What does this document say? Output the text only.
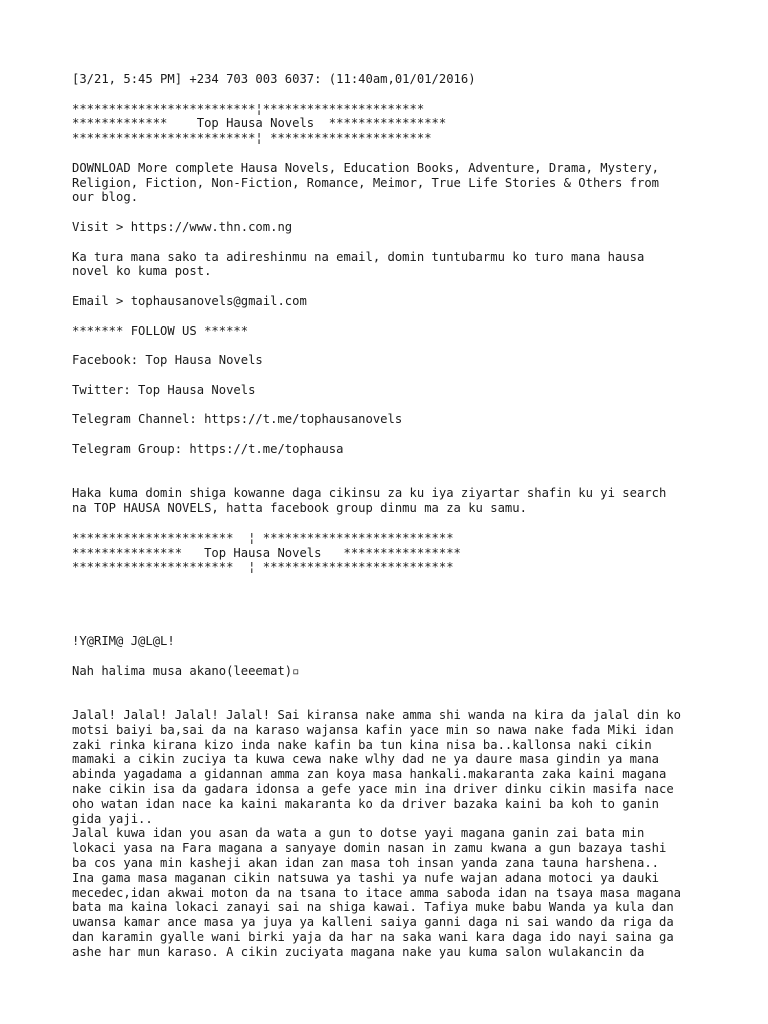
[3/21, 5:45 PM] +234 703 003 6037: (11:40am,01/01/2016)
*************************¦**********************
*************    Top Hausa Novels  ****************
*************************¦ **********************
DOWNLOAD More complete Hausa Novels, Education Books, Adventure, Drama, Mystery,
Religion, Fiction, Non-Fiction, Romance, Meimor, True Life Stories & Others from
our blog.
Visit > https://www.thn.com.ng
Ka tura mana sako ta adireshinmu na email, domin tuntubarmu ko turo mana hausa
novel ko kuma post.
Email > tophausanovels@gmail.com
******* FOLLOW US ******
Facebook: Top Hausa Novels
Twitter: Top Hausa Novels
Telegram Channel: https://t.me/tophausanovels
Telegram Group: https://t.me/tophausa
Haka kuma domin shiga kowanne daga cikinsu za ku iya ziyartar shafin ku yi search
na TOP HAUSA NOVELS, hatta facebook group dinmu ma za ku samu.
**********************  ¦ **************************
***************   Top Hausa Novels   ****************
**********************  ¦ **************************
!Y@RIM@ J@L@L!
Nah halima musa akano(leeemat)▫
Jalal! Jalal! Jalal! Jalal! Sai kiransa nake amma shi wanda na kira da jalal din ko
motsi baiyi ba,sai da na karaso wajansa kafin yace min so nawa nake fada Miki idan
zaki rinka kirana kizo inda nake kafin ba tun kina nisa ba..kallonsa naki cikin
mamaki a cikin zuciya ta kuwa cewa nake wlhy dad ne ya daure masa gindin ya mana
abinda yagadama a gidannan amma zan koya masa hankali.makaranta zaka kaini magana
nake cikin isa da gadara idonsa a gefe yace min ina driver dinku cikin masifa nace
oho watan idan nace ka kaini makaranta ko da driver bazaka kaini ba koh to ganin
gida yaji..
Jalal kuwa idan you asan da wata a gun to dotse yayi magana ganin zai bata min
lokaci yasa na Fara magana a sanyaye domin nasan in zamu kwana a gun bazaya tashi
ba cos yana min kasheji akan idan zan masa toh insan yanda zana tauna harshena..
Ina gama masa maganan cikin natsuwa ya tashi ya nufe wajan adana motoci ya dauki
mecedec,idan akwai moton da na tsana to itace amma saboda idan na tsaya masa magana
bata ma kaina lokaci zanayi sai na shiga kawai. Tafiya muke babu Wanda ya kula dan
uwansa kamar ance masa ya juya ya kalleni saiya ganni daga ni sai wando da riga da
dan karamin gyalle wani birki yaja da har na saka wani kara daga ido nayi saina ga
ashe har mun karaso. A cikin zuciyata magana nake yau kuma salon wulakancin da
